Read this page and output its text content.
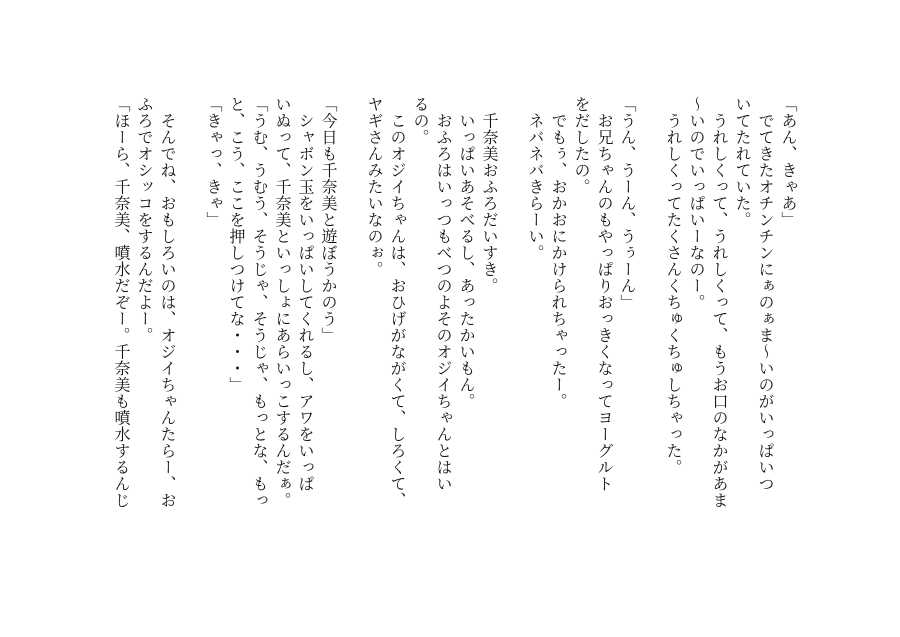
「あん、きゃあ」
　でてきたオチンチンにぁのぁま〜いのがいっぱいつ
いてたれていた。
　うれしくって、うれしくって、もうお口のなかがあま
〜いのでいっぱいーなのー。
　うれしくってたくさんくちゅくちゅしちゃった。
「うん、うーん、うぅーん」
　お兄ちゃんのもやっぱりおっきくなってヨーグルト
をだしたの。
　でもぅ、おかおにかけられちゃったー。
　ネバネバきらーい。
　千奈美おふろだいすき。
　いっぱいあそべるし、あったかいもん。
　おふろはいっつもべつのよそのオジイちゃんとはい
るの。
　このオジイちゃんは、おひげがながくて、しろくて、
ヤギさんみたいなのぉ。
「今日も千奈美と遊ぼうかのう」
　シャボン玉をいっぱいしてくれるし、アワをいっぱ
いぬって、千奈美といっしょにあらいっこするんだぁ。
「うむ、うむう、そうじゃ、そうじゃ、もっとな、もっ
と、こう、ここを押しつけてな・・・」
「きゃっ、きゃ」
　そんでね、おもしろいのは、オジイちゃんたらー、お
ふろでオシッコをするんだよー。
「ほーら、千奈美、噴水だぞー。千奈美も噴水するんじ
